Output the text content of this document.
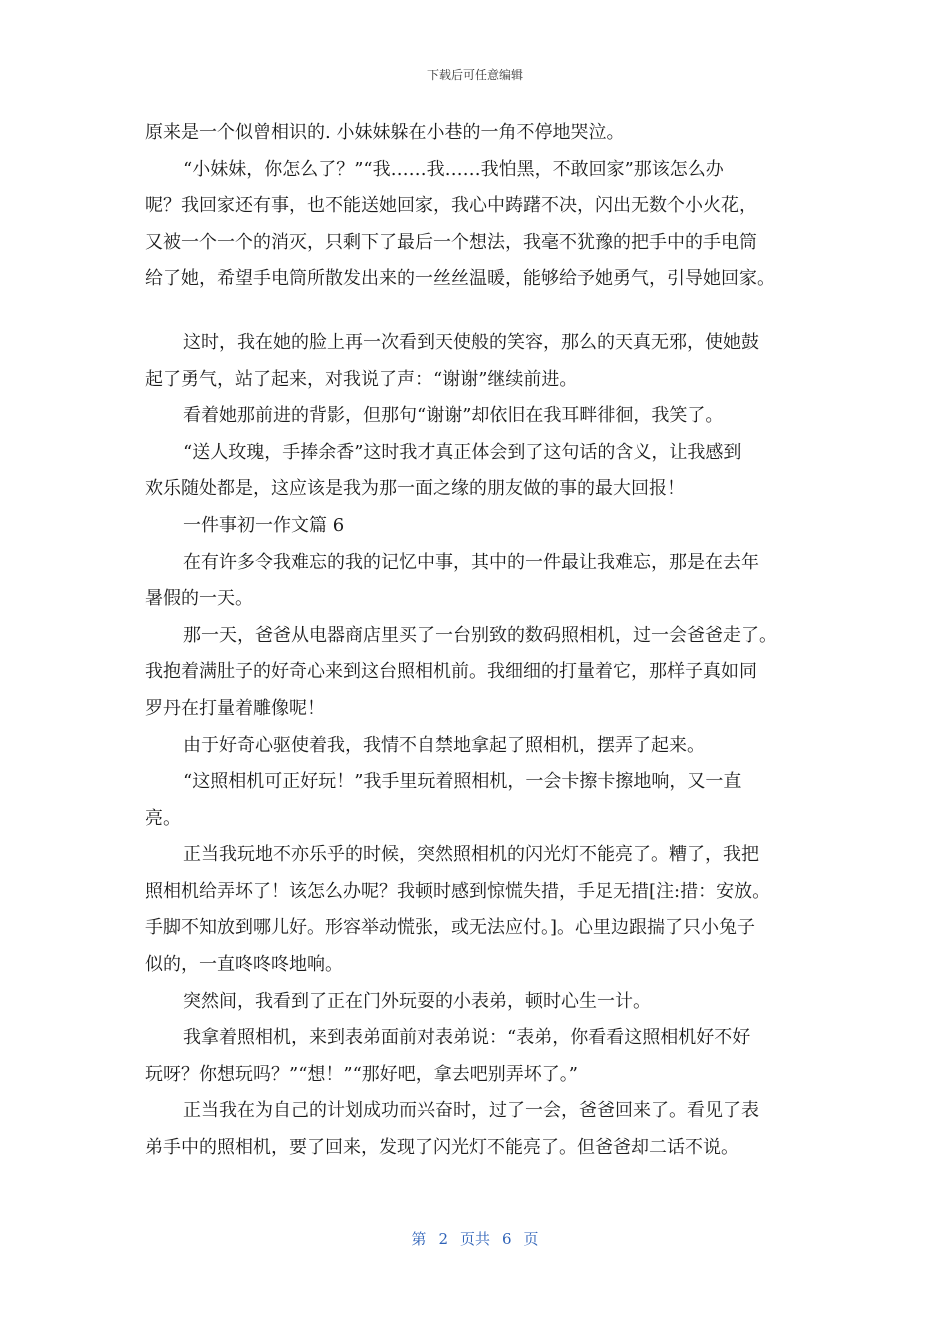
下载后可任意编辑
原来是一个似曾相识的. 小妹妹躲在小巷的一角不停地哭泣。
“小妹妹，你怎么了？”“我……我……我怕黑，不敢回家”那该怎么办
呢？我回家还有事，也不能送她回家，我心中踌躇不决，闪出无数个小火花，
又被一个一个的消灭，只剩下了最后一个想法，我毫不犹豫的把手中的手电筒
给了她，希望手电筒所散发出来的一丝丝温暖，能够给予她勇气，引导她回家。
这时，我在她的脸上再一次看到天使般的笑容，那么的天真无邪，使她鼓
起了勇气，站了起来，对我说了声：“谢谢”继续前进。
看着她那前进的背影，但那句“谢谢”却依旧在我耳畔徘徊，我笑了。
“送人玫瑰，手捧余香”这时我才真正体会到了这句话的含义，让我感到
欢乐随处都是，这应该是我为那一面之缘的朋友做的事的最大回报！
一件事初一作文篇 6
在有许多令我难忘的我的记忆中事，其中的一件最让我难忘，那是在去年
暑假的一天。
那一天，爸爸从电器商店里买了一台别致的数码照相机，过一会爸爸走了。
我抱着满肚子的好奇心来到这台照相机前。我细细的打量着它，那样子真如同
罗丹在打量着雕像呢！
由于好奇心驱使着我，我情不自禁地拿起了照相机，摆弄了起来。
“这照相机可正好玩！”我手里玩着照相机，一会卡擦卡擦地响，又一直
亮。
正当我玩地不亦乐乎的时候，突然照相机的闪光灯不能亮了。糟了，我把
照相机给弄坏了！该怎么办呢？我顿时感到惊慌失措，手足无措[注:措：安放。
手脚不知放到哪儿好。形容举动慌张，或无法应付。]。心里边跟揣了只小兔子
似的，一直咚咚咚地响。
突然间，我看到了正在门外玩耍的小表弟，顿时心生一计。
我拿着照相机，来到表弟面前对表弟说：“表弟，你看看这照相机好不好
玩呀？你想玩吗？”“想！”“那好吧，拿去吧别弄坏了。”
正当我在为自己的计划成功而兴奋时，过了一会，爸爸回来了。看见了表
弟手中的照相机，要了回来，发现了闪光灯不能亮了。但爸爸却二话不说。
第 2 页共 6 页
